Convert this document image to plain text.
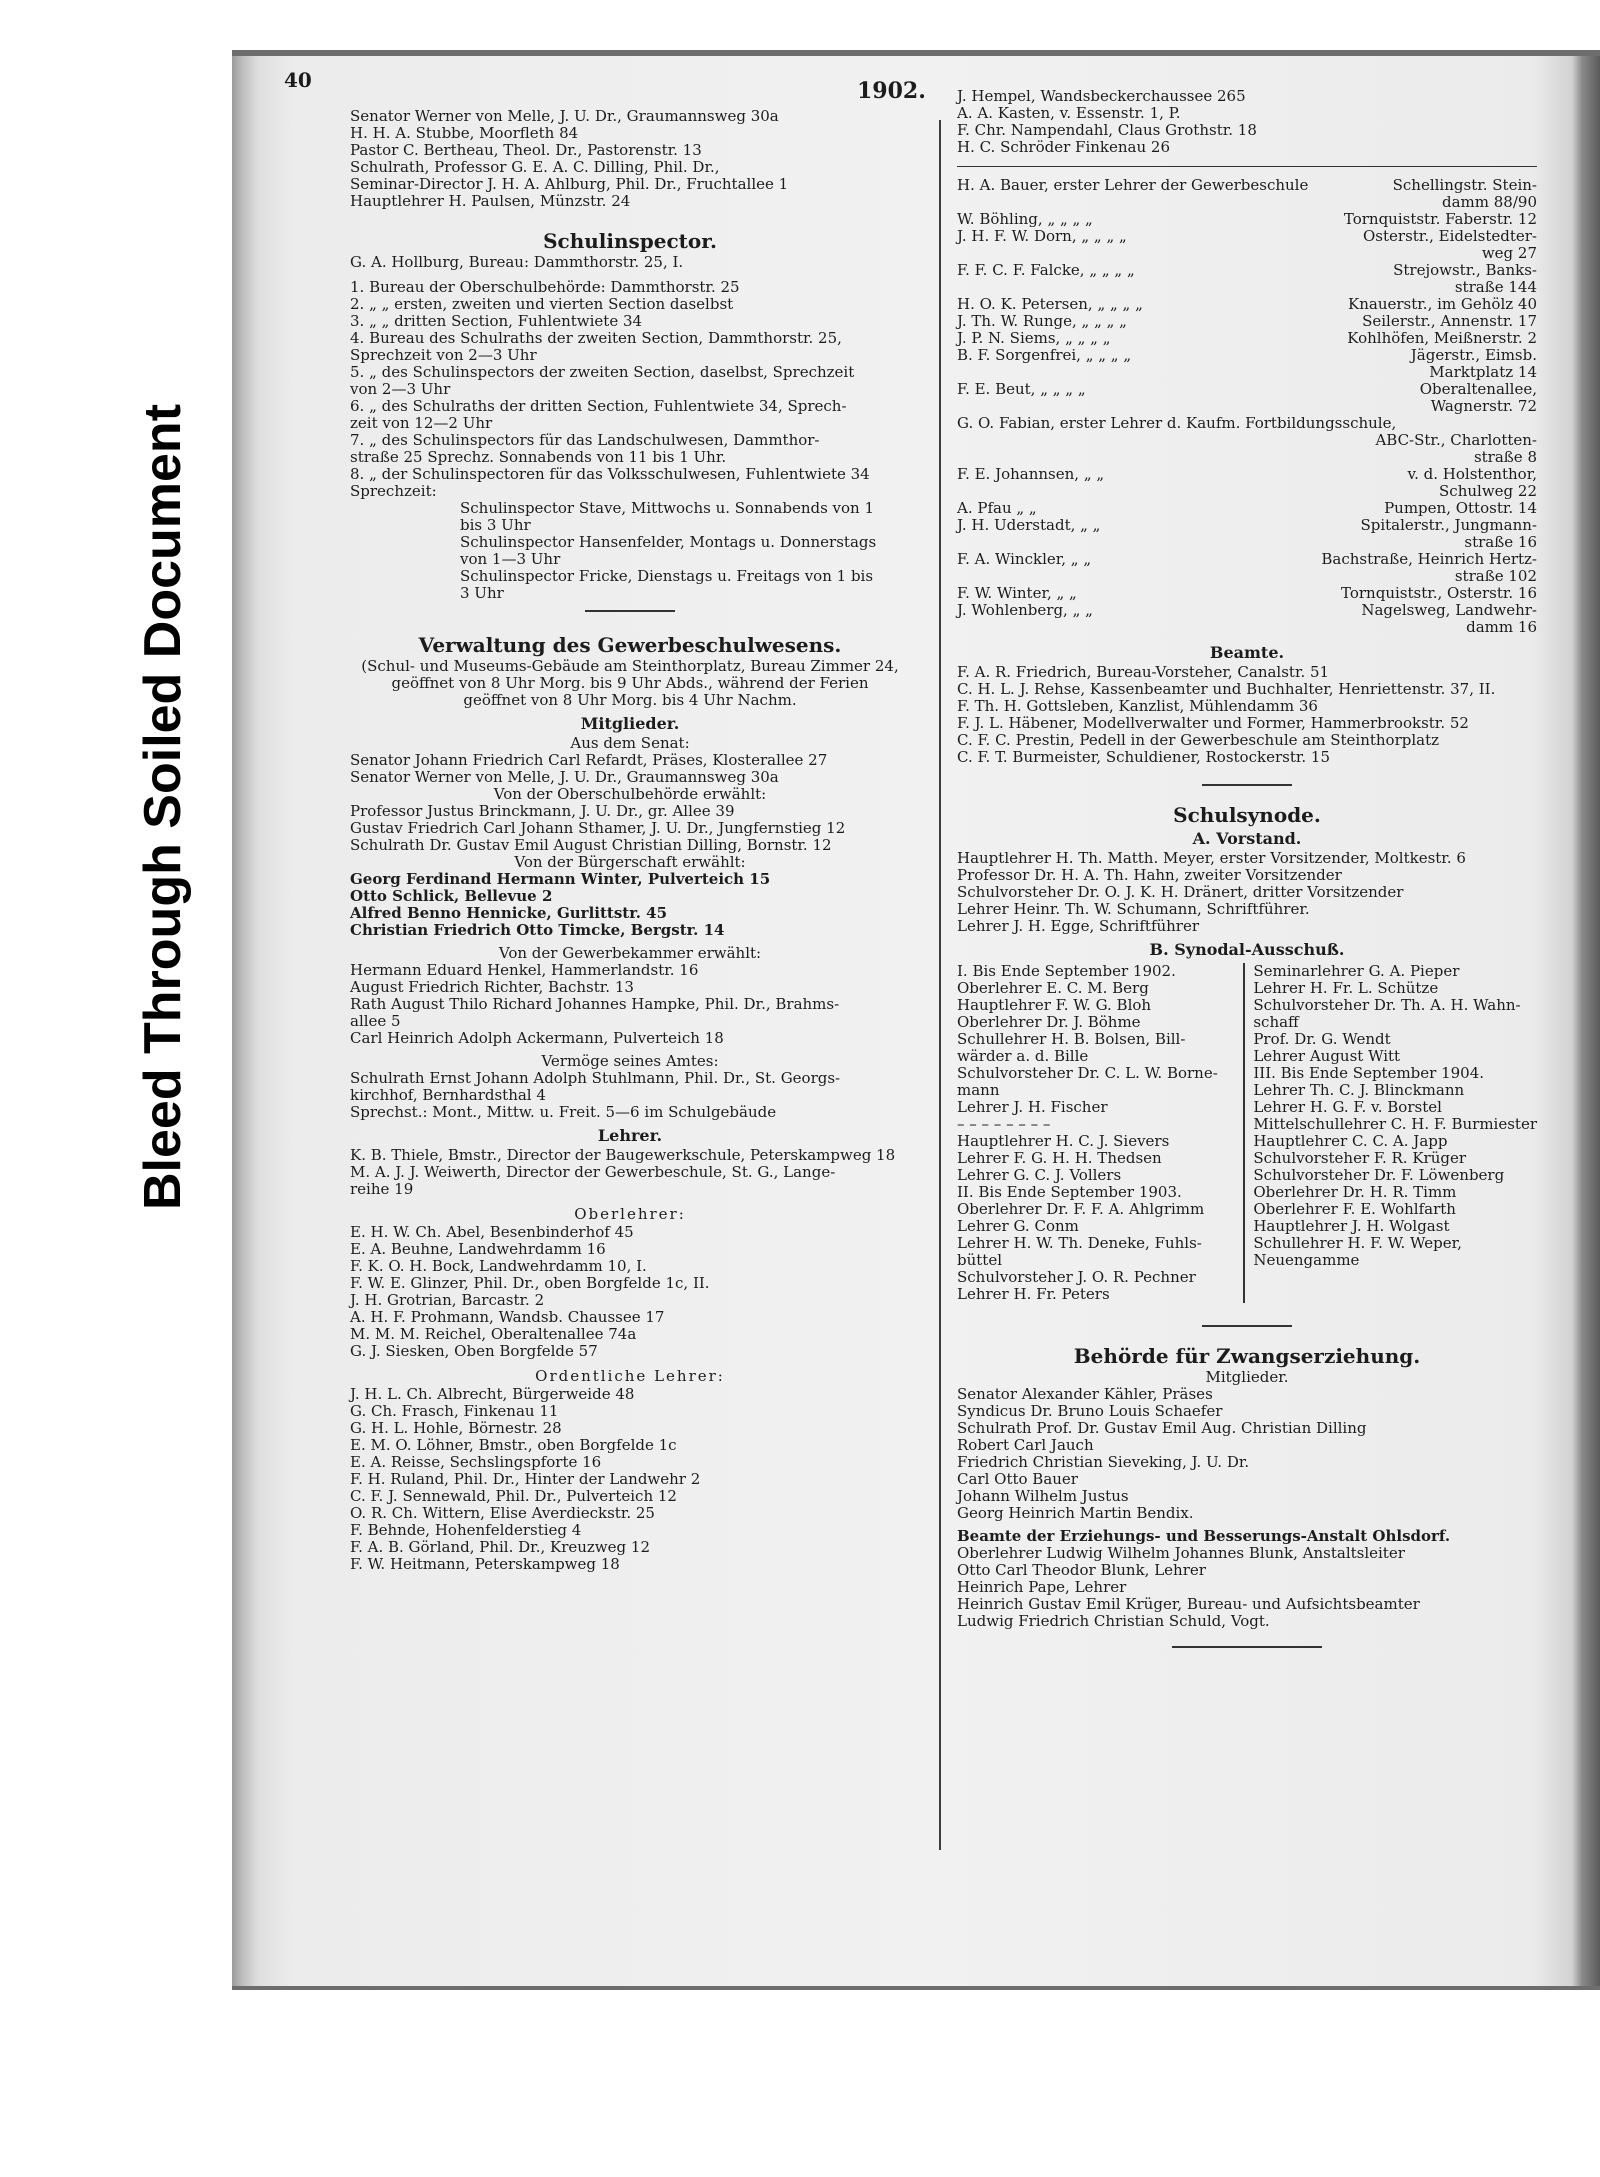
Bleed Through Soiled Document
40	1902.
Senator Werner von Melle, J. U. Dr., Graumannsweg 30a
H. H. A. Stubbe, Moorfleth 84
Pastor C. Bertheau, Theol. Dr., Pastorenstr. 13
Schulrath, Professor G. E. A. C. Dilling, Phil. Dr.,
Seminar-Director J. H. A. Ahlburg, Phil. Dr., Fruchtallee 1
Hauptlehrer H. Paulsen, Münzstr. 24
Schulinspector.
G. A. Hollburg, Bureau: Dammthorstr. 25, I.
1. Bureau der Oberschulbehörde: Dammthorstr. 25
2. „ „ ersten, zweiten und vierten Section daselbst
3. „ „ dritten Section, Fuhlentwiete 34
4. Bureau des Schulraths der zweiten Section, Dammthorstr. 25,
Sprechzeit von 2—3 Uhr
5. „ des Schulinspectors der zweiten Section, daselbst, Sprechzeit
von 2—3 Uhr
6. „ des Schulraths der dritten Section, Fuhlentwiete 34, Sprech-
zeit von 12—2 Uhr
7. „ des Schulinspectors für das Landschulwesen, Dammthor-
straße 25 Sprechz. Sonnabends von 11 bis 1 Uhr.
8. „ der Schulinspectoren für das Volksschulwesen, Fuhlentwiete 34
Sprechzeit:
Schulinspector Stave, Mittwochs u. Sonnabends von 1
bis 3 Uhr
Schulinspector Hansenfelder, Montags u. Donnerstags
von 1—3 Uhr
Schulinspector Fricke, Dienstags u. Freitags von 1 bis
3 Uhr
Verwaltung des Gewerbeschulwesens.
(Schul- und Museums-Gebäude am Steinthorplatz, Bureau Zimmer 24,
geöffnet von 8 Uhr Morg. bis 9 Uhr Abds., während der Ferien
geöffnet von 8 Uhr Morg. bis 4 Uhr Nachm.
Mitglieder.
Aus dem Senat:
Senator Johann Friedrich Carl Refardt, Präses, Klosterallee 27
Senator Werner von Melle, J. U. Dr., Graumannsweg 30a
Von der Oberschulbehörde erwählt:
Professor Justus Brinckmann, J. U. Dr., gr. Allee 39
Gustav Friedrich Carl Johann Sthamer, J. U. Dr., Jungfernstieg 12
Schulrath Dr. Gustav Emil August Christian Dilling, Bornstr. 12
Von der Bürgerschaft erwählt:
Georg Ferdinand Hermann Winter, Pulverteich 15
Otto Schlick, Bellevue 2
Alfred Benno Hennicke, Gurlittstr. 45
Christian Friedrich Otto Timcke, Bergstr. 14
Von der Gewerbekammer erwählt:
Hermann Eduard Henkel, Hammerlandstr. 16
August Friedrich Richter, Bachstr. 13
Rath August Thilo Richard Johannes Hampke, Phil. Dr., Brahms-
allee 5
Carl Heinrich Adolph Ackermann, Pulverteich 18
Vermöge seines Amtes:
Schulrath Ernst Johann Adolph Stuhlmann, Phil. Dr., St. Georgs-
kirchhof, Bernhardsthal 4
Sprechst.: Mont., Mittw. u. Freit. 5—6 im Schulgebäude
Lehrer.
K. B. Thiele, Bmstr., Director der Baugewerkschule, Peterskampweg 18
M. A. J. J. Weiwerth, Director der Gewerbeschule, St. G., Lange-
reihe 19
Oberlehrer:
E. H. W. Ch. Abel, Besenbinderhof 45
E. A. Beuhne, Landwehrdamm 16
F. K. O. H. Bock, Landwehrdamm 10, I.
F. W. E. Glinzer, Phil. Dr., oben Borgfelde 1c, II.
J. H. Grotrian, Barcastr. 2
A. H. F. Prohmann, Wandsb. Chaussee 17
M. M. M. Reichel, Oberaltenallee 74a
G. J. Siesken, Oben Borgfelde 57
Ordentliche Lehrer:
J. H. L. Ch. Albrecht, Bürgerweide 48
G. Ch. Frasch, Finkenau 11
G. H. L. Hohle, Börnestr. 28
E. M. O. Löhner, Bmstr., oben Borgfelde 1c
E. A. Reisse, Sechslingspforte 16
F. H. Ruland, Phil. Dr., Hinter der Landwehr 2
C. F. J. Sennewald, Phil. Dr., Pulverteich 12
O. R. Ch. Wittern, Elise Averdieckstr. 25
F. Behnde, Hohenfelderstieg 4
F. A. B. Görland, Phil. Dr., Kreuzweg 12
F. W. Heitmann, Peterskampweg 18
J. Hempel, Wandsbeckerchaussee 265
A. A. Kasten, v. Essenstr. 1, P.
F. Chr. Nampendahl, Claus Grothstr. 18
H. C. Schröder Finkenau 26
H. A. Bauer, erster Lehrer der Gewerbeschule	Schellingstr. Stein-
damm 88/90
W. Böhling, „ „ „ „	Tornquiststr. Faberstr. 12
J. H. F. W. Dorn, „ „ „ „	Osterstr., Eidelstedter-
weg 27
F. F. C. F. Falcke, „ „ „ „	Strejowstr., Banks-
straße 144
H. O. K. Petersen, „ „ „ „	Knauerstr., im Gehölz 40
J. Th. W. Runge, „ „ „ „	Seilerstr., Annenstr. 17
J. P. N. Siems, „ „ „ „	Kohlhöfen, Meißnerstr. 2
B. F. Sorgenfrei, „ „ „ „	Jägerstr., Eimsb.
Marktplatz 14
F. E. Beut, „ „ „ „	Oberaltenallee,
Wagnerstr. 72
G. O. Fabian, erster Lehrer d. Kaufm. Fortbildungsschule,
ABC-Str., Charlotten-
straße 8
F. E. Johannsen, „ „	v. d. Holstenthor,
Schulweg 22
A. Pfau „ „	Pumpen, Ottostr. 14
J. H. Uderstadt, „ „	Spitalerstr., Jungmann-
straße 16
F. A. Winckler, „ „	Bachstraße, Heinrich Hertz-
straße 102
F. W. Winter, „ „	Tornquiststr., Osterstr. 16
J. Wohlenberg, „ „	Nagelsweg, Landwehr-
damm 16
Beamte.
F. A. R. Friedrich, Bureau-Vorsteher, Canalstr. 51
C. H. L. J. Rehse, Kassenbeamter und Buchhalter, Henriettenstr. 37, II.
F. Th. H. Gottsleben, Kanzlist, Mühlendamm 36
F. J. L. Häbener, Modellverwalter und Former, Hammerbrookstr. 52
C. F. C. Prestin, Pedell in der Gewerbeschule am Steinthorplatz
C. F. T. Burmeister, Schuldiener, Rostockerstr. 15
Schulsynode.
A. Vorstand.
Hauptlehrer H. Th. Matth. Meyer, erster Vorsitzender, Moltkestr. 6
Professor Dr. H. A. Th. Hahn, zweiter Vorsitzender
Schulvorsteher Dr. O. J. K. H. Dränert, dritter Vorsitzender
Lehrer Heinr. Th. W. Schumann, Schriftführer.
Lehrer J. H. Egge, Schriftführer
B. Synodal-Ausschuß.
I. Bis Ende September 1902.
Oberlehrer E. C. M. Berg
Hauptlehrer F. W. G. Bloh
Oberlehrer Dr. J. Böhme
Schullehrer H. B. Bolsen, Bill-
wärder a. d. Bille
Schulvorsteher Dr. C. L. W. Borne-
mann
Lehrer J. H. Fischer
– – – – – – – –
Hauptlehrer H. C. J. Sievers
Lehrer F. G. H. H. Thedsen
Lehrer G. C. J. Vollers
II. Bis Ende September 1903.
Oberlehrer Dr. F. F. A. Ahlgrimm
Lehrer G. Conm
Lehrer H. W. Th. Deneke, Fuhls-
büttel
Schulvorsteher J. O. R. Pechner
Lehrer H. Fr. Peters
Seminarlehrer G. A. Pieper
Lehrer H. Fr. L. Schütze
Schulvorsteher Dr. Th. A. H. Wahn-
schaff
Prof. Dr. G. Wendt
Lehrer August Witt
III. Bis Ende September 1904.
Lehrer Th. C. J. Blinckmann
Lehrer H. G. F. v. Borstel
Mittelschullehrer C. H. F. Burmiester
Hauptlehrer C. C. A. Japp
Schulvorsteher F. R. Krüger
Schulvorsteher Dr. F. Löwenberg
Oberlehrer Dr. H. R. Timm
Oberlehrer F. E. Wohlfarth
Hauptlehrer J. H. Wolgast
Schullehrer H. F. W. Weper,
Neuengamme
Behörde für Zwangserziehung.
Mitglieder.
Senator Alexander Kähler, Präses
Syndicus Dr. Bruno Louis Schaefer
Schulrath Prof. Dr. Gustav Emil Aug. Christian Dilling
Robert Carl Jauch
Friedrich Christian Sieveking, J. U. Dr.
Carl Otto Bauer
Johann Wilhelm Justus
Georg Heinrich Martin Bendix.
Beamte der Erziehungs- und Besserungs-Anstalt Ohlsdorf.
Oberlehrer Ludwig Wilhelm Johannes Blunk, Anstaltsleiter
Otto Carl Theodor Blunk, Lehrer
Heinrich Pape, Lehrer
Heinrich Gustav Emil Krüger, Bureau- und Aufsichtsbeamter
Ludwig Friedrich Christian Schuld, Vogt.
